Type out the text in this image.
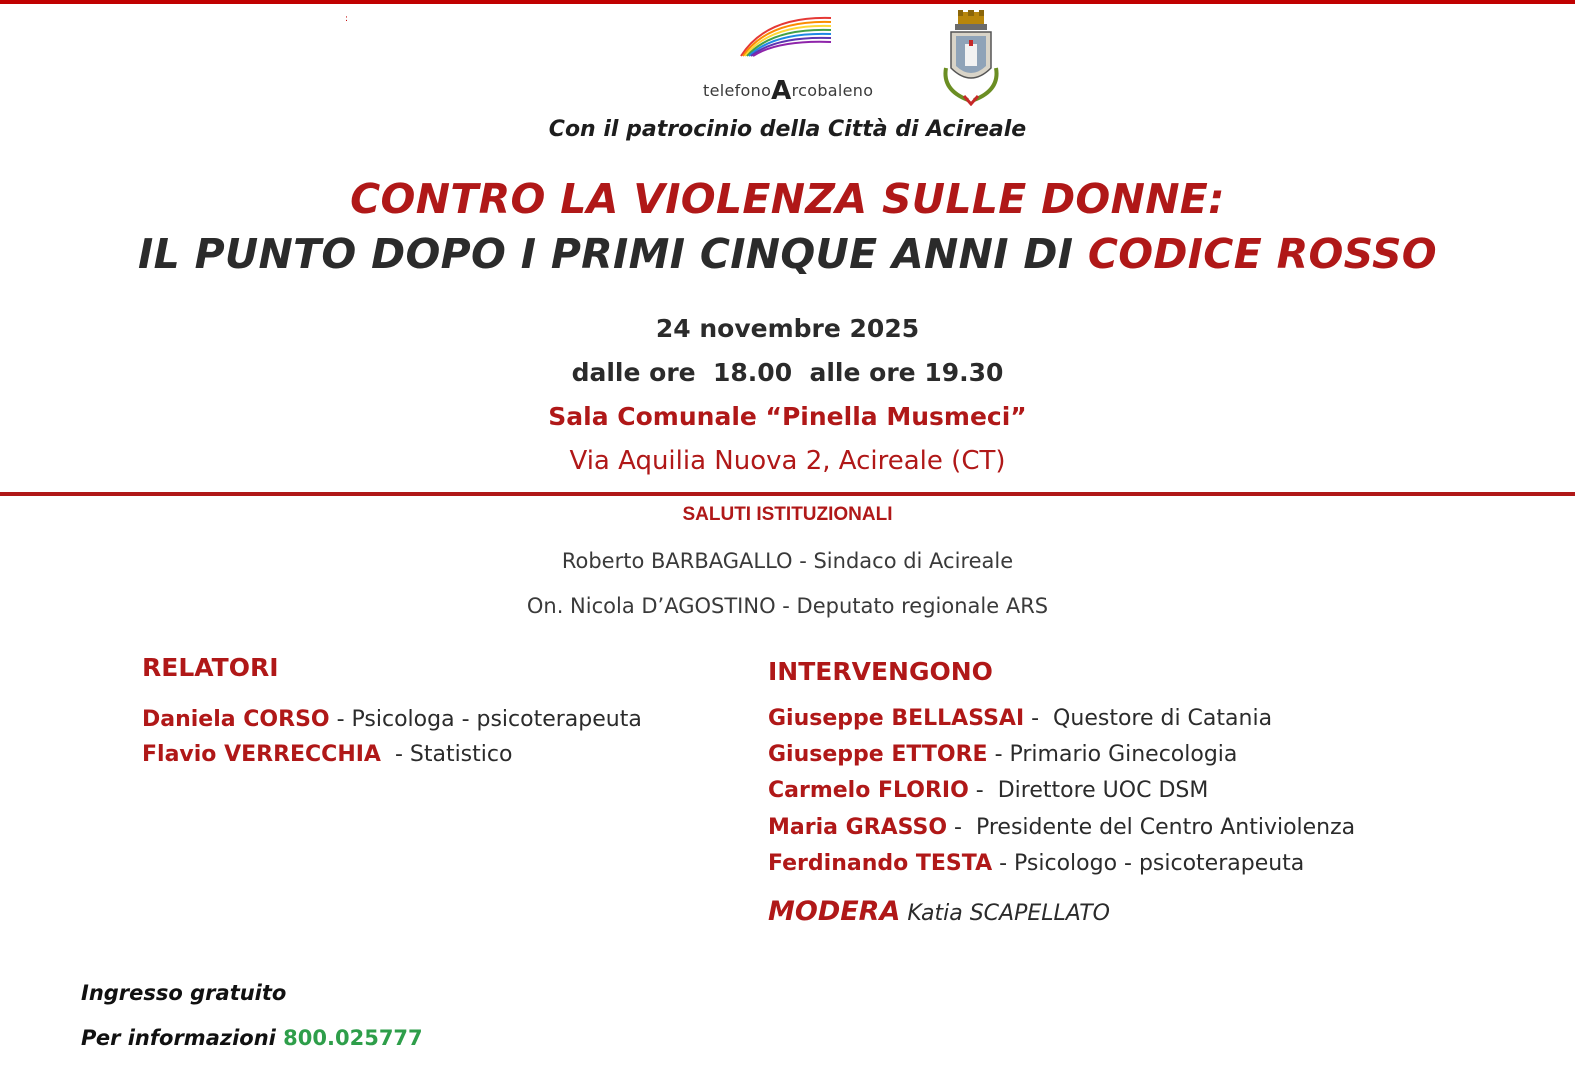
:
telefonoArcobaleno
Con il patrocinio della Città di Acireale
CONTRO LA VIOLENZA SULLE DONNE:
IL PUNTO DOPO I PRIMI CINQUE ANNI DI CODICE ROSSO
24 novembre 2025
dalle ore  18.00  alle ore 19.30
Sala Comunale “Pinella Musmeci”
Via Aquilia Nuova 2, Acireale (CT)
SALUTI ISTITUZIONALI
Roberto BARBAGALLO - Sindaco di Acireale
On. Nicola D’AGOSTINO - Deputato regionale ARS
RELATORI
Daniela CORSO - Psicologa - psicoterapeuta
Flavio VERRECCHIA  - Statistico
INTERVENGONO
Giuseppe BELLASSAI -  Questore di Catania
Giuseppe ETTORE - Primario Ginecologia
Carmelo FLORIO -  Direttore UOC DSM
Maria GRASSO -  Presidente del Centro Antiviolenza
Ferdinando TESTA - Psicologo - psicoterapeuta
MODERA Katia SCAPELLATO
Ingresso gratuito
Per informazioni 800.025777
